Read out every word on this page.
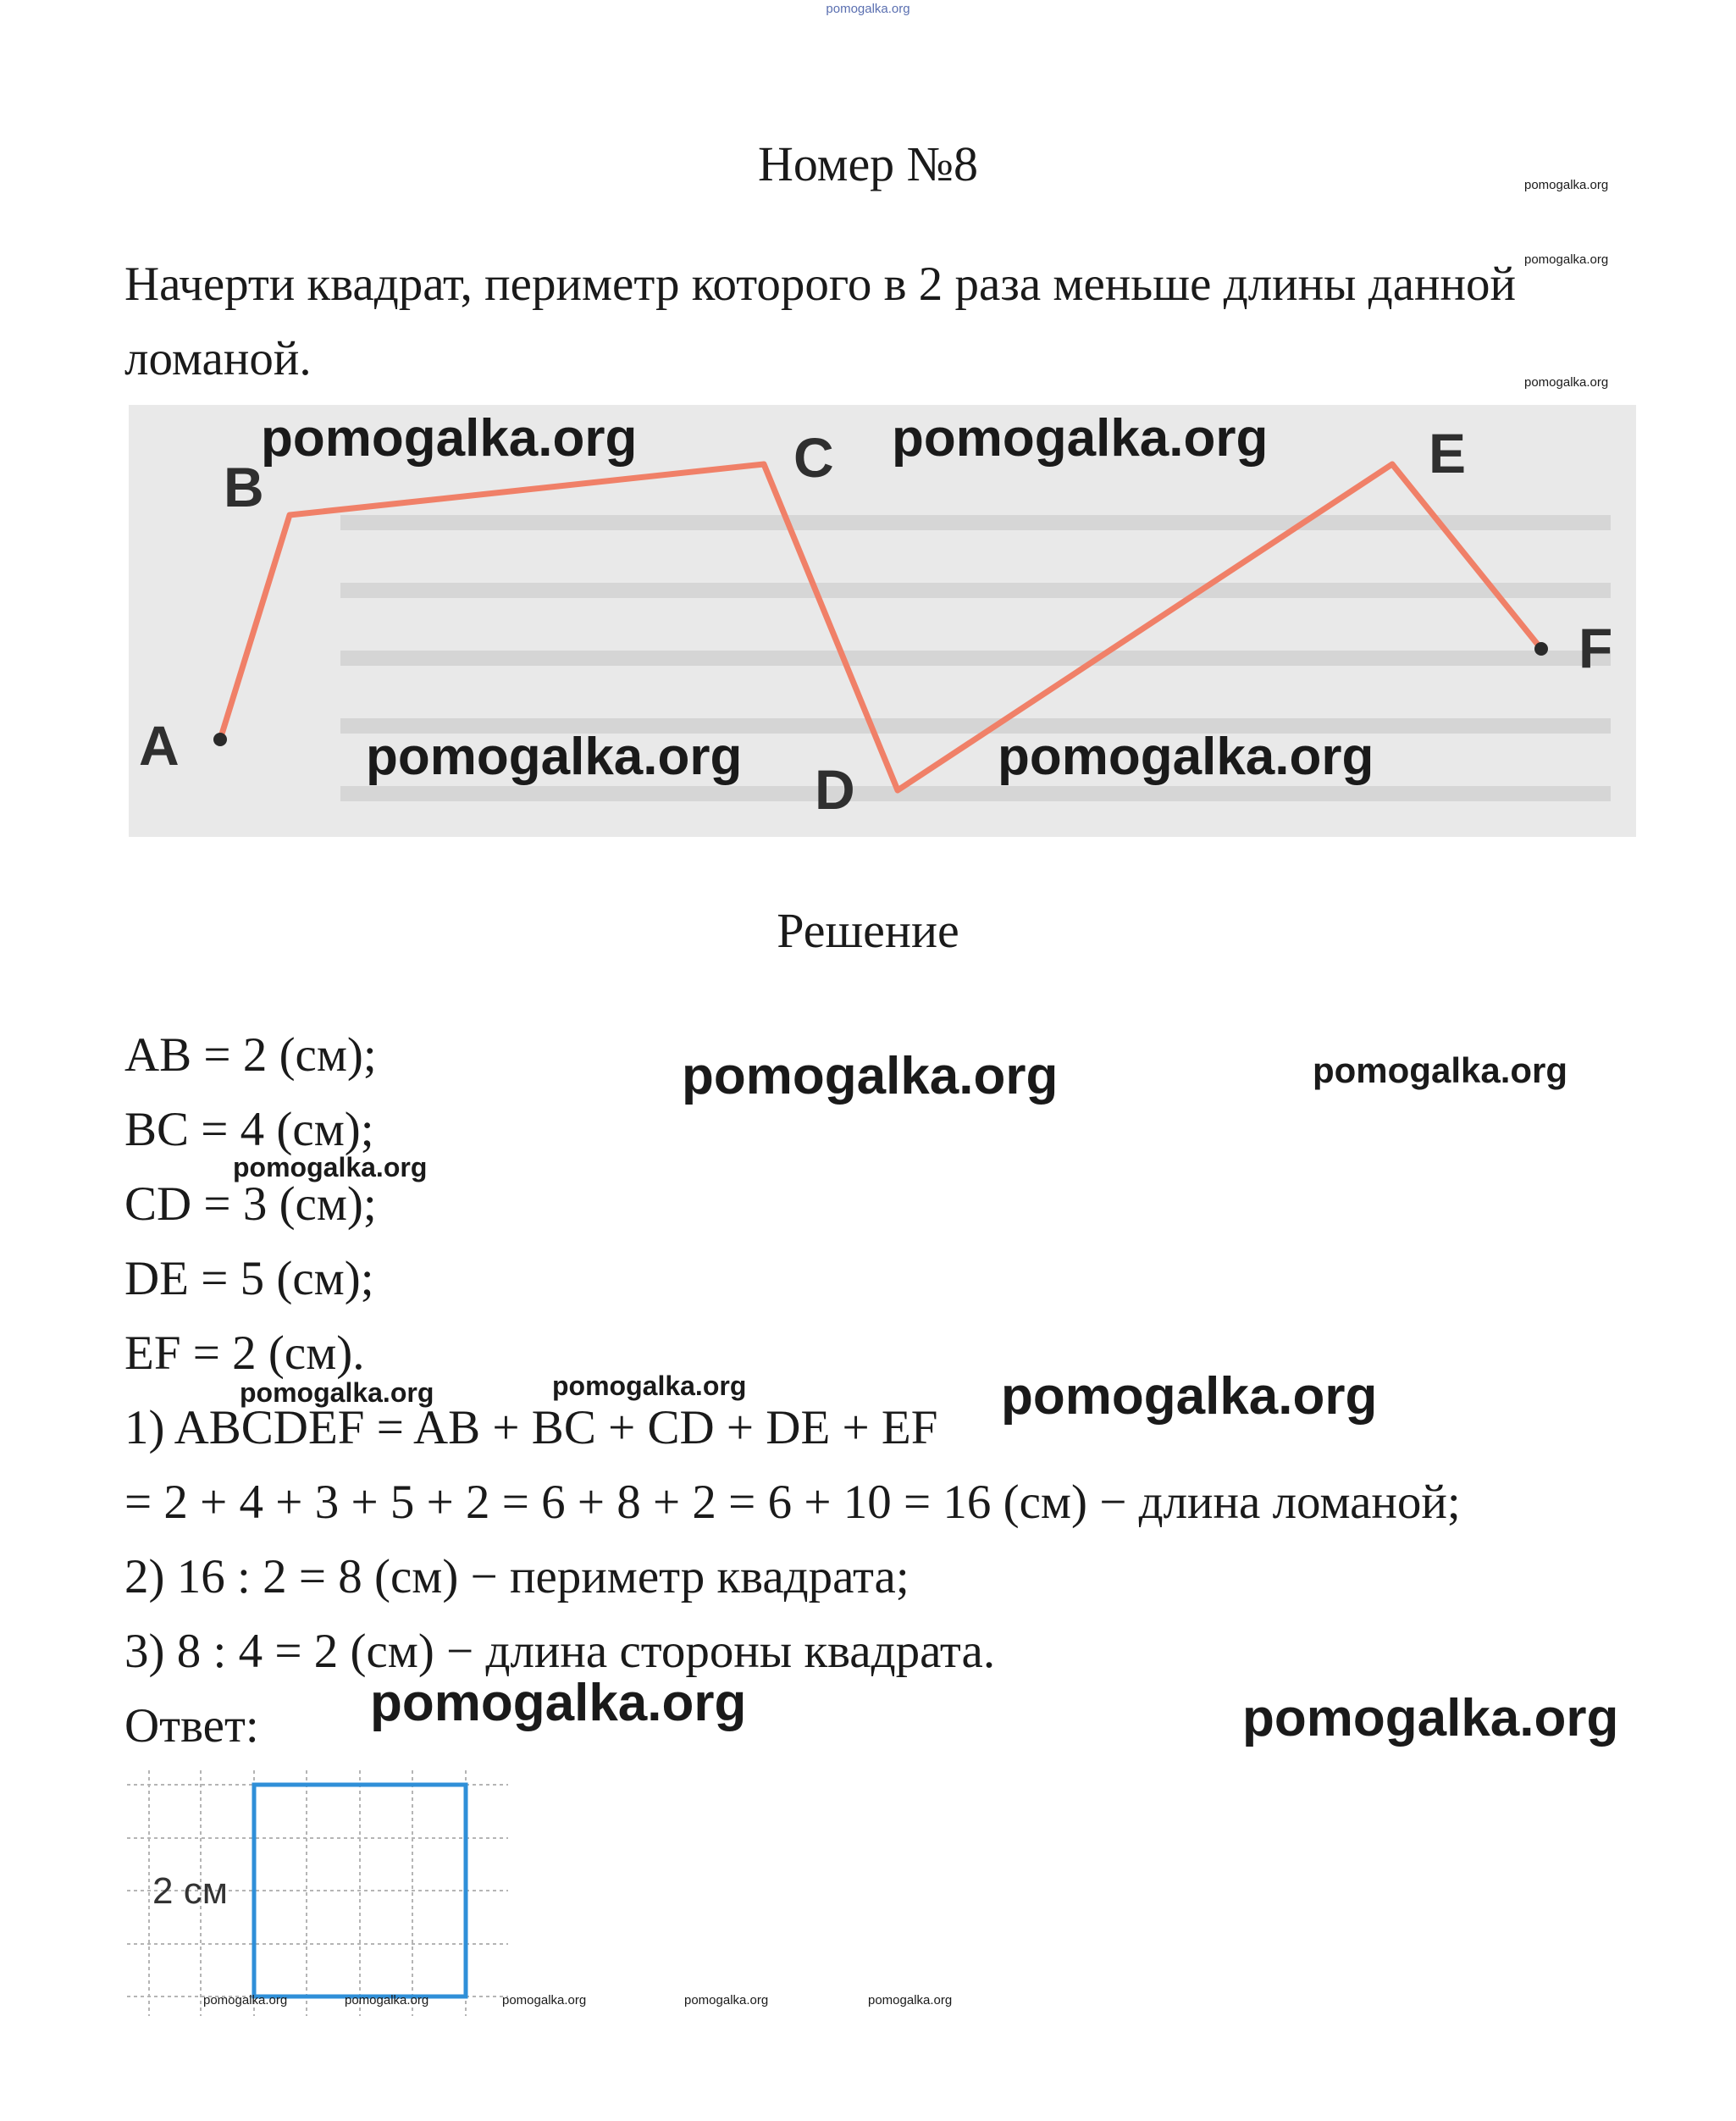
pomogalka.org
Номер №8	pomogalka.org
pomogalka.org
pomogalka.org
Начерти квадрат, периметр которого в 2 раза меньше длины данной ломаной.
A
B	C
D
E
F
pomogalka.org	pomogalka.org
pomogalka.org	pomogalka.org
Решение
AB = 2 (см);
BC = 4 (см);
CD = 3 (см);
DE = 5 (см);
EF = 2 (см).
1) ABCDEF = AB + BC + CD + DE + EF
= 2 + 4 + 3 + 5 + 2 = 6 + 8 + 2 = 6 + 10 = 16 (см) − длина ломаной;
2) 16 : 2 = 8 (см) − периметр квадрата;
3) 8 : 4 = 2 (см) − длина стороны квадрата.
Ответ:
pomogalka.org	pomogalka.org
pomogalka.org
pomogalka.org	pomogalka.org	pomogalka.org
pomogalka.org	pomogalka.org
2 см
pomogalka.org	pomogalka.org	pomogalka.org	pomogalka.org	pomogalka.org
